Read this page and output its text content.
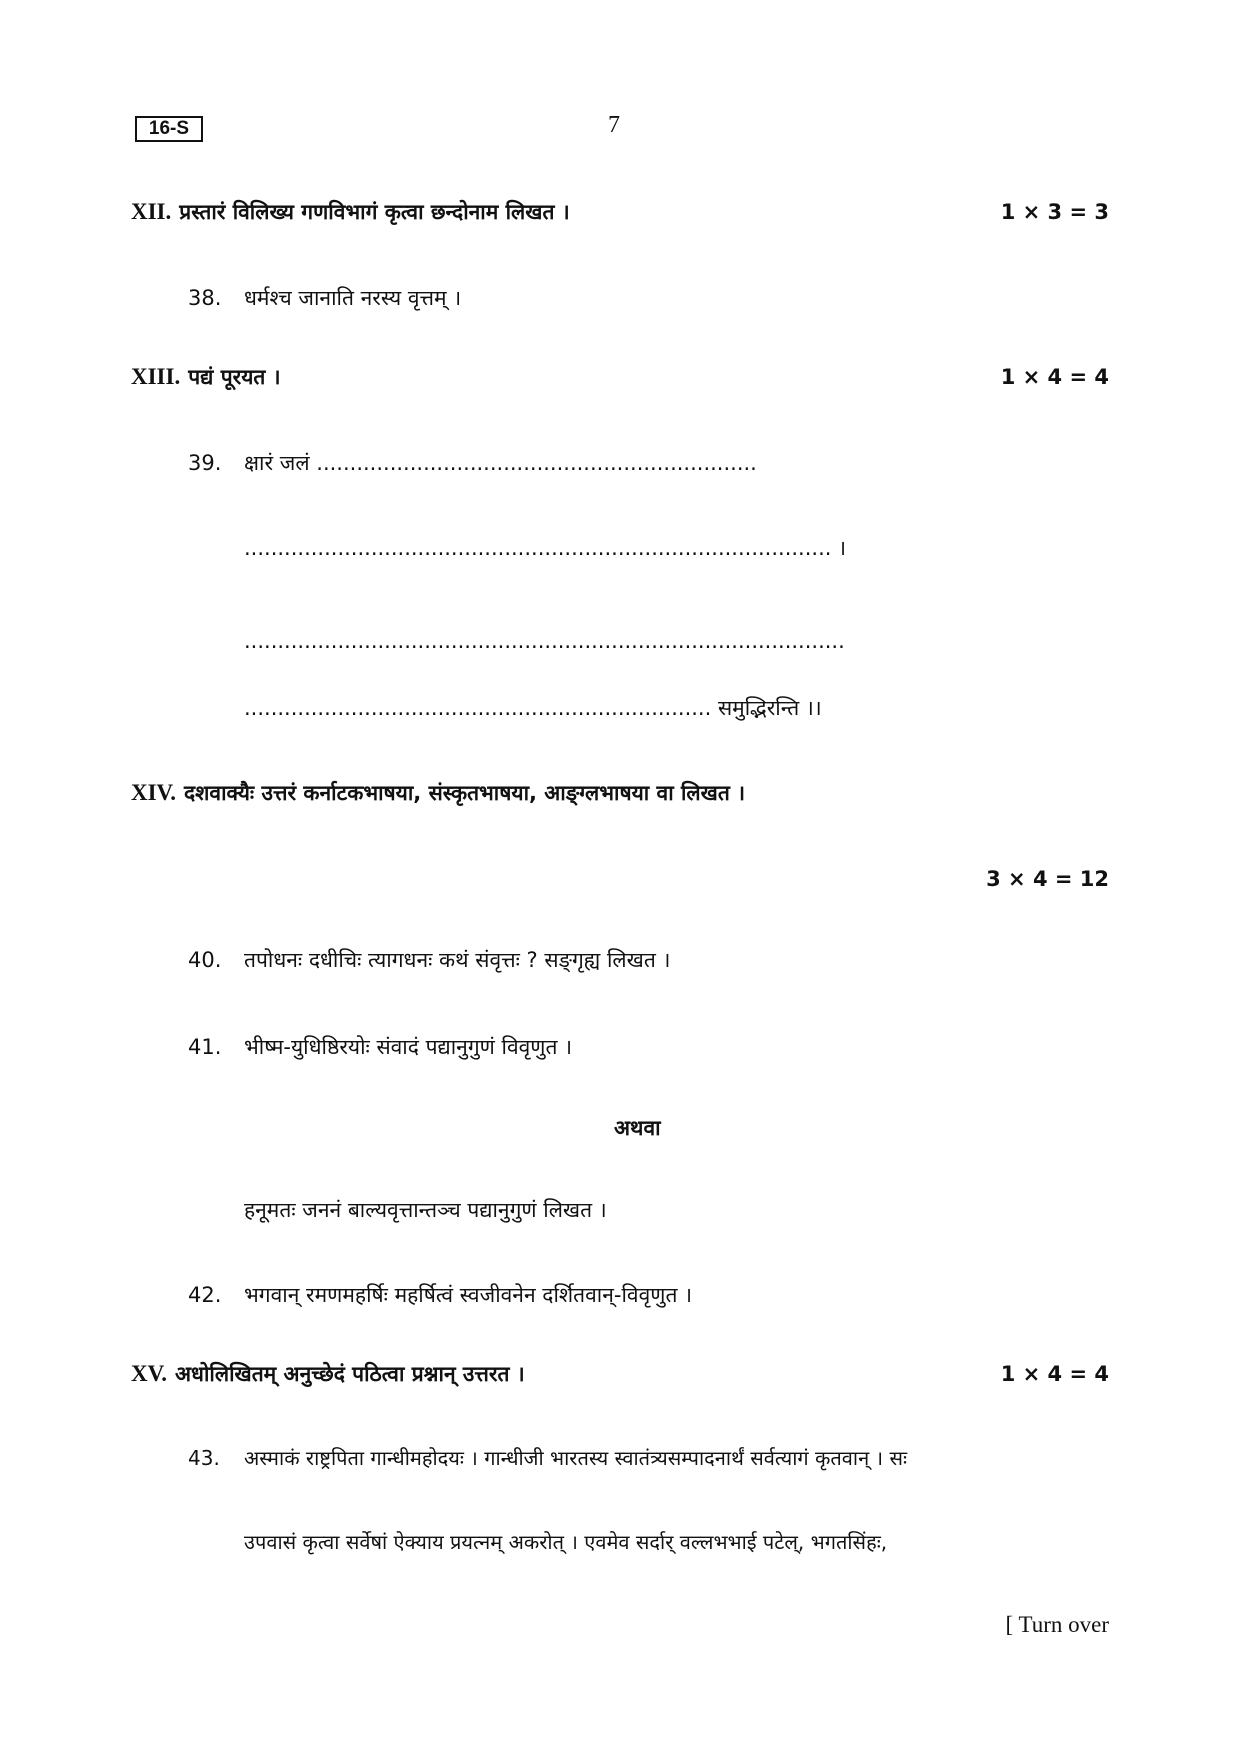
16-S	7
XII. प्रस्तारं विलिख्य गणविभागं कृत्वा छन्दोनाम लिखत ।	1 × 3 = 3
38. धर्मश्च जानाति नरस्य वृत्तम् ।
XIII. पद्यं पूरयत ।	1 × 4 = 4
39. क्षारं जलं ..................................................................
........................................................................................ ।
..........................................................................................
...................................................................... समुद्भिरन्ति ।।
XIV. दशवाक्यैः उत्तरं कर्नाटकभाषया, संस्कृतभाषया, आङ्ग्लभाषया वा लिखत ।
3 × 4 = 12
40. तपोधनः दधीचिः त्यागधनः कथं संवृत्तः ? सङ्गृह्य लिखत ।
41. भीष्म-युधिष्ठिरयोः संवादं पद्यानुगुणं विवृणुत ।
अथवा
हनूमतः जननं बाल्यवृत्तान्तञ्च पद्यानुगुणं लिखत ।
42. भगवान् रमणमहर्षिः महर्षित्वं स्वजीवनेन दर्शितवान्-विवृणुत ।
XV. अधोलिखितम् अनुच्छेदं पठित्वा प्रश्नान् उत्तरत ।	1 × 4 = 4
43. अस्माकं राष्ट्रपिता गान्धीमहोदयः । गान्धीजी भारतस्य स्वातंत्र्यसम्पादनार्थं सर्वत्यागं कृतवान् । सः
उपवासं कृत्वा सर्वेषां ऐक्याय प्रयत्नम् अकरोत् । एवमेव सर्दार् वल्लभभाई पटेल्, भगतसिंहः,
[ Turn over
